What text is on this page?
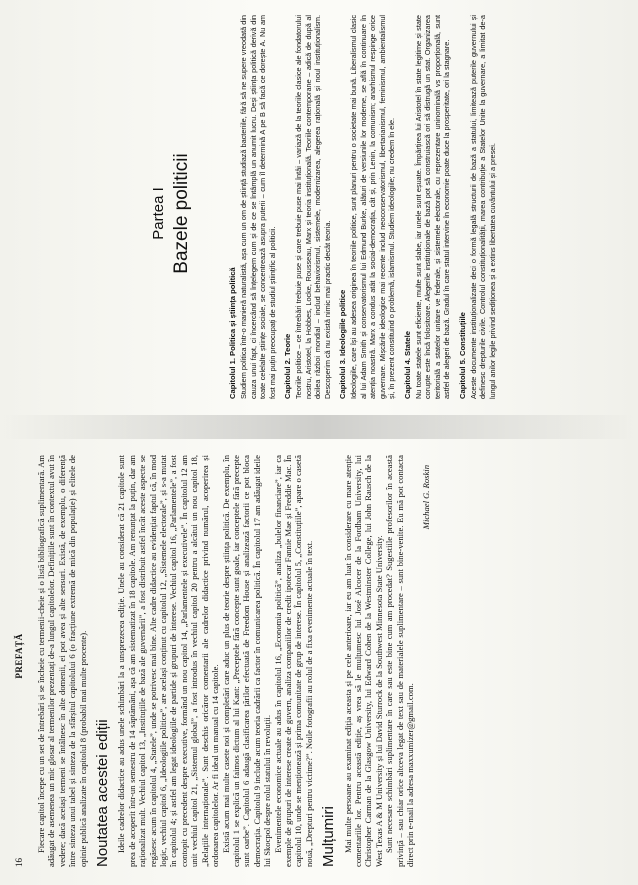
16
PREFAȚĂ Fiecare capitol începe cu un set de întrebări și se încheie cu termenii-cheie și o listă bibliografică suplimentară. Am adăugat de asemenea un mic glosar al termenilor prezentați de-a lungul capitolelor. Definițiile sunt în contextul avut în vedere; dacă aceiași termeni se întâlnesc în alte domenii, ei pot avea și alte sensuri. Există, de exemplu, o diferență între sinteza unui tabel și sinteza de la sfârșitul capitolului 6 (o fracțiune extremă de mică din populație) și elitele de opinie publică analizate în capitolul 8 (probabil mai multe procente). Noutatea acestei ediții Ideile cadrelor didactice au adus unele schimbări la a unsprezecea ediție. Unele au considerat că 21 capitole sunt prea de acoperit într-un semestru de 14 săptămâni, așa că am sistematizat în 18 capitole. Am renunțat la puțin, dar am raționalizat mult. Vechiul capitol 13, „Instituțiile de bază ale guvernării”, a fost distribuit astfel încât aceste aspecte se regăsesc acum în capitolul 4, „Statele”, unde se potrivesc mai bine. Alte cadre didactice au evidențiat faptul că, în mod logic, vechiul capitol 6, „Ideologiile politice”, are același conținut cu capitolul 12, „Sistemele electorale”, și s-a mutat în capitolul 4; și astfel am legat ideologiile de partide și grupuri de interese. Vechiul capitol 16, „Parlamentele”, a fost contopit cu precedent despre executive, formând un nou capitol 14, „Parlamentele și executivele”. În capitolul 12 am unit vechiul capitol 21, „Sistemul global”, a fost introdus în vechiul capitol 20 pentru a alcătui un nou capitol 18, „Relațiile internaționale”. Sunt deschis oricăror comentarii ale cadrelor didactice privind numărul, acoperirea și ordonarea capitolelor. Ar fi ideal un manual cu 14 capitole. Există acum mai multe casete noi și completări care aduc un plus de teorie despre știința politică. De exemplu, în capitolul 1 se explică un faimos dictum al lui Kant: „Preceptele fără concepte sunt goale, iar conceptele fără precepte sunt oarbe”. Capitolul 6 adaugă clasificarea țărilor efectuată de Freedom House și analizează factorii ce pot bloca democrația. Capitolul 9 include acum teoria cadrării ca factor în comunicarea politică. În capitolul 17 am adăugat ideile lui Skocpol despre rolul statului în revoluții. Evenimentele economice actuale au adus în capitolul 16, „Economia politică”, analiza „bulelor financiare”, iar ca exemple de grupuri de interese create de guvern, analiza companiilor de credit ipotecar Fannie Mae și Freddie Mac. În capitolul 10, unde se menționează și prima comunitate de grup de interese. În capitolul 5, „Constituțiile”, apare o casetă nouă, „Drepturi pentru victime?”. Noile fotografii au rolul de a fixa evenimente actuale în text. Mulțumiri Mai multe persoane au examinat ediția aceasta și pe cele anterioare, iar eu am luat în considerare cu mare atenție comentariile lor. Pentru această ediție, aș vrea să le mulțumesc lui José Alcocer de la Fordham University, lui Christopher Carman de la Glasgow University, lui Edward Cohen de la Westminster College, lui John Rausch de la West Texas A & M University și lui David Sturrock de la Southwest Minnesota State University. Sunt necesare schimbări suplimentare în care sau este bine cum am procedat? Sugestiile profesorilor în această privință – sau chiar orice altceva legat de text sau de materialele suplimentare – sunt bine-venite. Eu mă pot contacta direct prin e-mail la adresa maxxumizer@gmail.com.

Michael G. Roskin
Partea I Bazele politicii
Capitolul 1. Politica și știința politică Studiem politica într-o manieră naturalistă, așa cum un om de știință studiază bacteriile, fără să ne supere vreodată din cauza unui fapt, ci încercând să înțelegem cum și de ce se întâmplă un anumit lucru. Deși știința politică derivă din toate celelalte științe sociale, se concentrează asupra puterii – cum îl determină A pe B să facă ce dorește A. Nu am fost mai puțin preocupați de studiul științific al politicii. Capitolul 2. Teorie Teoriile politice – ce întrebări trebuie puse și care trebuie puse mai întâi – variază de la teoriile clasice ale fondatorului nostru, Aristotel, la Hobbes, Locke, Rousseau, Marx și teoria instituțională. Teoriile contemporane – adică de după al doilea război mondial – includ behaviorismul, sistemele, modernizarea, alegerea rațională și noul instituționalism. Descoperim că nu există nimic mai practic decât teoria. Capitolul 3. Ideologiile politice Ideologiile, care își au adesea originea în teoriile politice, sunt planuri pentru o societate mai bună. Liberalismul clasic al lui Adam Smith și conservatorismul lui Edmund Burke, alături de versiunile lor moderne, se află în continuare în atenția noastră. Marx a condus atât la social-democrația, cât și, prin Lenin, la comunism; anarhismul respinge orice guvernare. Mișcările ideologice mai recente includ neoconservatorismul, libertarianismul, feminismul, ambientalismul și, în prezent constituind o problemă, islamismul. Studiem ideologiile; nu credem în ele. Capitolul 4. Statele Nu toate statele sunt eficiente, multe sunt slabe, iar unele sunt eșuate. Împărțirea lui Aristotel în state legitime și state corupte este încă folositoare. Alegerile instituționale de bază pot să construiască ori să distrugă un stat. Organizarea teritorială a statelor unitare ve federale, și sistemele electorale, cu reprezentare uninominală vs proporțională, sunt astfel de alegeri de bază. Gradul în care statul intervine în economie poate duce la prosperitate, ori la stagnare. Capitolul 5. Constituțiile Aceste documente instituționalizate deci o formă legală structurii de bază a statului, limitează puterile guvernului și definesc drepturile civile. Controlul constituționalității, marea contribuție a Statelor Unite la guvernare, a limitat de-a lungul anilor legile privind sediționea și a extins libertatea cuvântului și a presei.
